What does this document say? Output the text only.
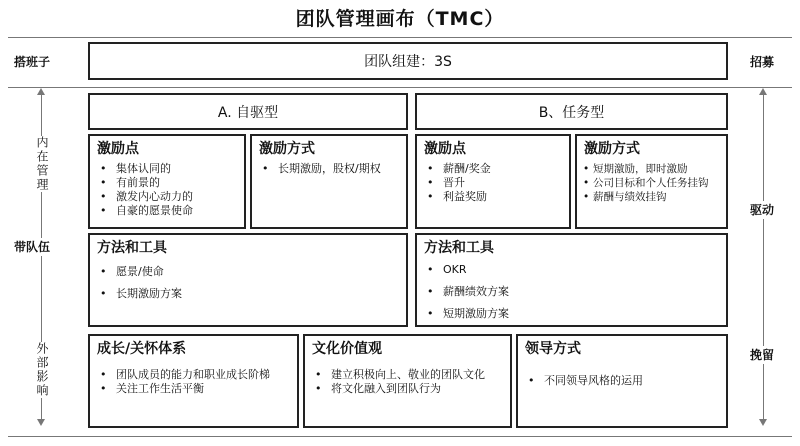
团队管理画布（TMC）
搭班子
内在管理
带队伍
外部影响
招募
驱动
挽留
团队组建：3S
A. 自驱型	B、任务型
激励点
• 集体认同的
• 有前景的
• 激发内心动力的
• 自豪的愿景使命
激励方式
• 长期激励，股权/期权
激励点
• 薪酬/奖金
• 晋升
• 利益奖励
激励方式
• 短期激励，即时激励
• 公司目标和个人任务挂钩
• 薪酬与绩效挂钩
方法和工具
• 愿景/使命
• 长期激励方案
方法和工具
• OKR
• 薪酬绩效方案
• 短期激励方案
成长/关怀体系
• 团队成员的能力和职业成长阶梯
• 关注工作生活平衡
文化价值观
• 建立积极向上、敬业的团队文化
• 将文化融入到团队行为
领导方式
• 不同领导风格的运用
